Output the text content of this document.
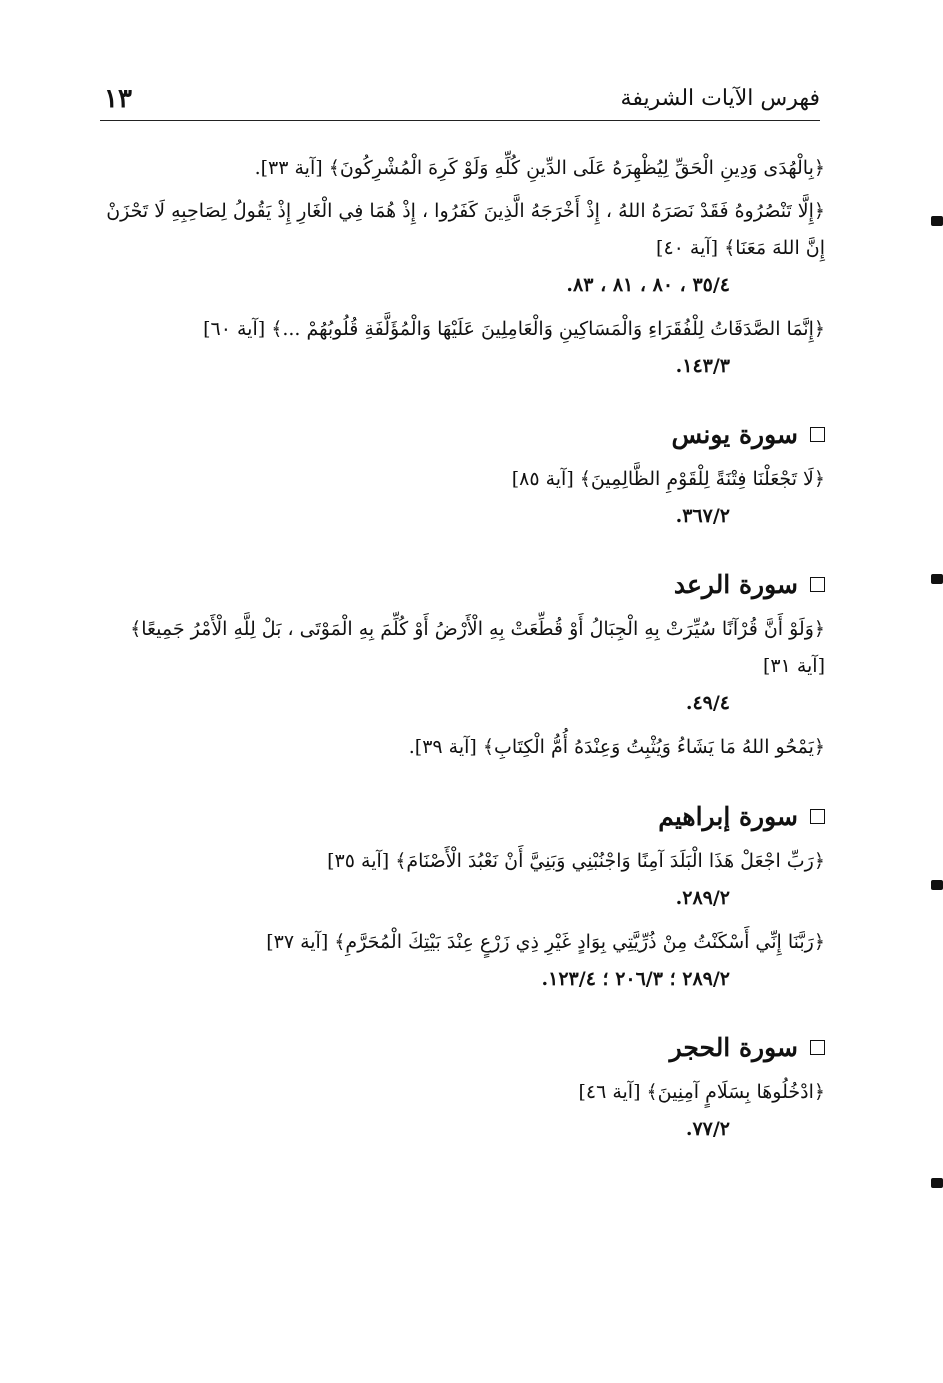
١٣	فهرس الآيات الشريفة

﴿بِالْهُدَى وَدِينِ الْحَقِّ لِيُظْهِرَهُ عَلَى الدِّينِ كُلِّهِ وَلَوْ كَرِهَ الْمُشْرِكُونَ﴾ [آية ٣٣].

﴿إِلَّا تَنْصُرُوهُ فَقَدْ نَصَرَهُ اللهُ ، إِذْ أَخْرَجَهُ الَّذِينَ كَفَرُوا ، إِذْ هُمَا فِي الْغَارِ إِذْ يَقُولُ لِصَاحِبِهِ لَا تَحْزَنْ إِنَّ اللهَ مَعَنَا﴾ [آية ٤٠]

٣٥/٤ ، ٨٠ ، ٨١ ، ٨٣.

﴿إِنَّمَا الصَّدَقَاتُ لِلْفُقَرَاءِ وَالْمَسَاكِينِ وَالْعَامِلِينَ عَلَيْهَا وَالْمُؤَلَّفَةِ قُلُوبُهُمْ ...﴾ [آية ٦٠]

١٤٣/٣.

سورة يونس

﴿لَا تَجْعَلْنَا فِتْنَةً لِلْقَوْمِ الظَّالِمِينَ﴾ [آية ٨٥]

٣٦٧/٢.

سورة الرعد

﴿وَلَوْ أَنَّ قُرْآنًا سُيِّرَتْ بِهِ الْجِبَالُ أَوْ قُطِّعَتْ بِهِ الْأَرْضُ أَوْ كُلِّمَ بِهِ الْمَوْتَى ، بَلْ لِلَّهِ الْأَمْرُ جَمِيعًا﴾ [آية ٣١]

٤٩/٤.

﴿يَمْحُو اللهُ مَا يَشَاءُ وَيُثْبِتُ وَعِنْدَهُ أُمُّ الْكِتَابِ﴾ [آية ٣٩].

سورة إبراهيم

﴿رَبِّ اجْعَلْ هَذَا الْبَلَدَ آمِنًا وَاجْنُبْنِي وَبَنِيَّ أَنْ نَعْبُدَ الْأَصْنَامَ﴾ [آية ٣٥]

٢٨٩/٢.

﴿رَبَّنَا إِنِّي أَسْكَنْتُ مِنْ ذُرِّيَّتِي بِوَادٍ غَيْرِ ذِي زَرْعٍ عِنْدَ بَيْتِكَ الْمُحَرَّمِ﴾ [آية ٣٧]

٢٨٩/٢ ؛ ٢٠٦/٣ ؛ ١٢٣/٤.

سورة الحجر

﴿ادْخُلُوهَا بِسَلَامٍ آمِنِينَ﴾ [آية ٤٦]

٧٧/٢.
